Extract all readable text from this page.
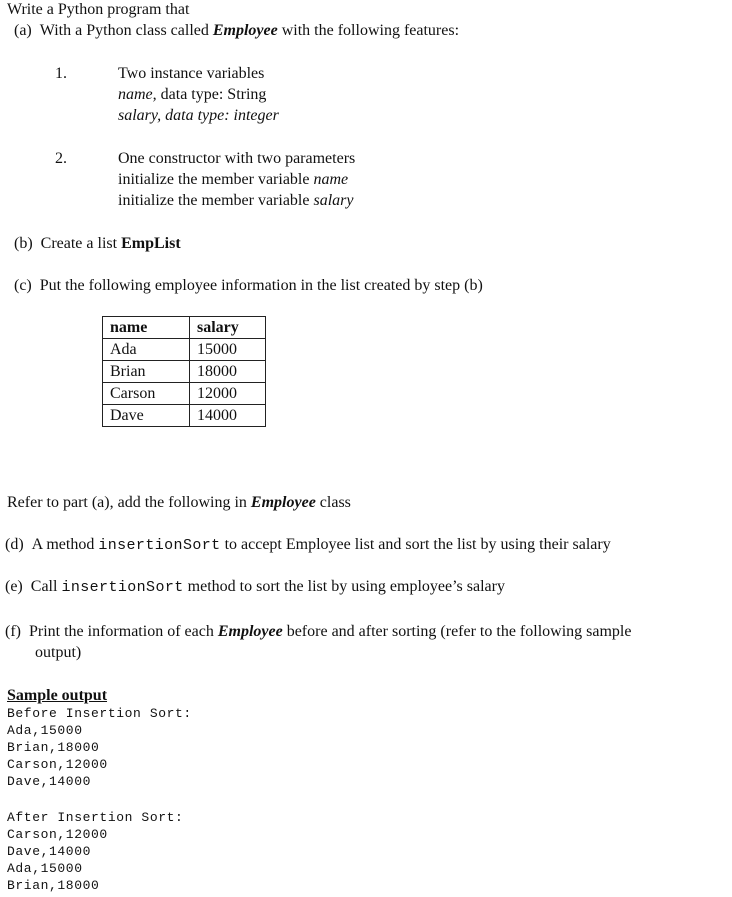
Write a Python program that
(a) With a Python class called Employee with the following features:
1.	Two instance variables
name, data type: String
salary, data type: integer
2.	One constructor with two parameters
initialize the member variable name
initialize the member variable salary
(b) Create a list EmpList
(c) Put the following employee information in the list created by step (b)
name	salary
Ada	15000
Brian	18000
Carson	12000
Dave	14000
Refer to part (a), add the following in Employee class
(d) A method insertionSort to accept Employee list and sort the list by using their salary
(e) Call insertionSort method to sort the list by using employee’s salary
(f) Print the information of each Employee before and after sorting (refer to the following sample
output)
Sample output
Before Insertion Sort:
Ada,15000
Brian,18000
Carson,12000
Dave,14000
After Insertion Sort:
Carson,12000
Dave,14000
Ada,15000
Brian,18000
